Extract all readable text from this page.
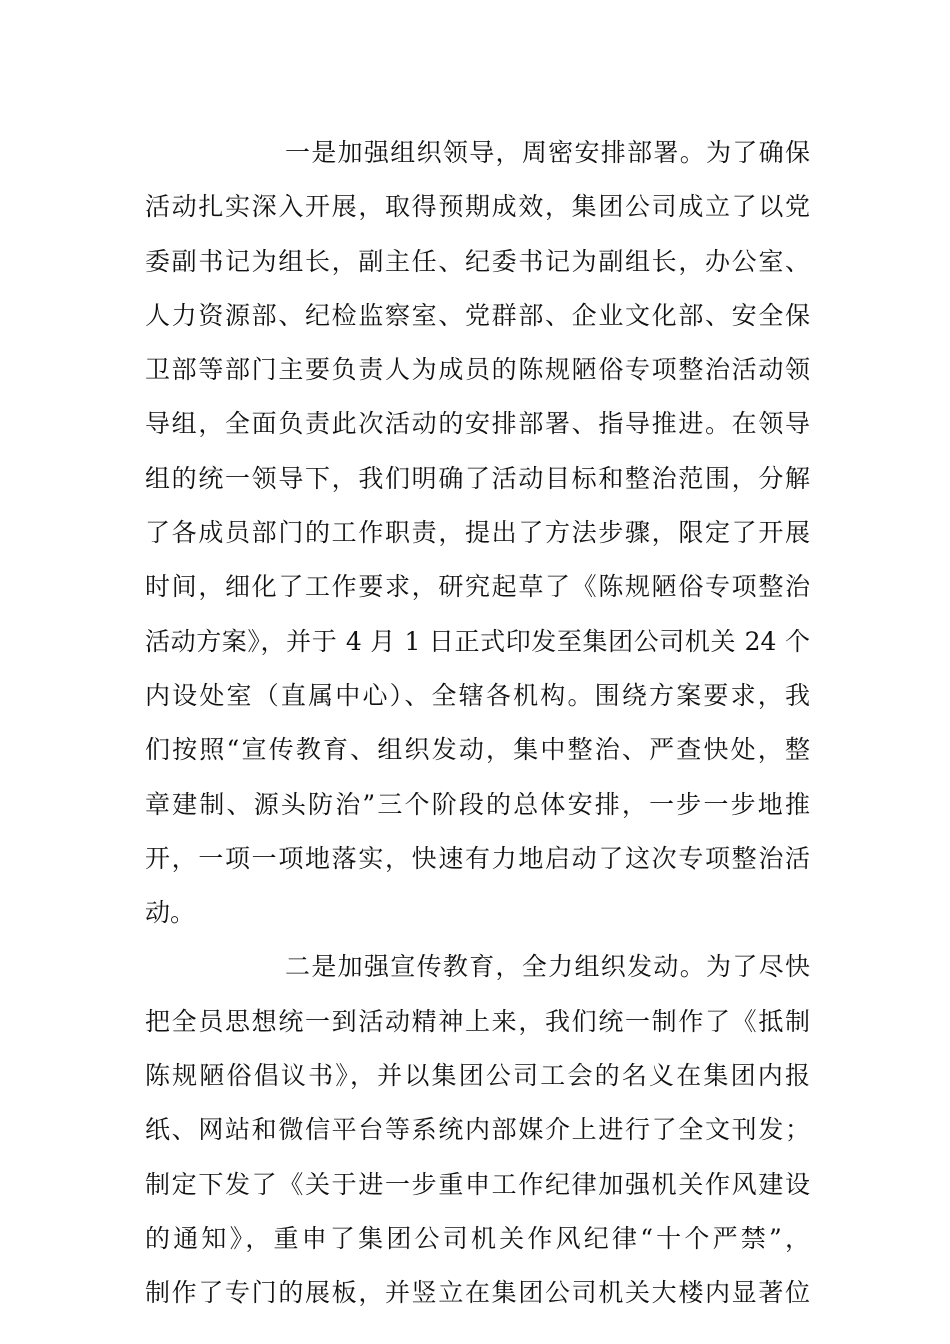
一是加强组织领导，周密安排部署。为了确保
活动扎实深入开展，取得预期成效，集团公司成立了以党
委副书记为组长，副主任、纪委书记为副组长，办公室、
人力资源部、纪检监察室、党群部、企业文化部、安全保
卫部等部门主要负责人为成员的陈规陋俗专项整治活动领
导组，全面负责此次活动的安排部署、指导推进。在领导
组的统一领导下，我们明确了活动目标和整治范围，分解
了各成员部门的工作职责，提出了方法步骤，限定了开展
时间，细化了工作要求，研究起草了《陈规陋俗专项整治
活动方案》，并于 4 月 1 日正式印发至集团公司机关 24 个
内设处室（直属中心）、全辖各机构。围绕方案要求，我
们按照“宣传教育、组织发动，集中整治、严查快处，整
章建制、源头防治”三个阶段的总体安排，一步一步地推
开，一项一项地落实，快速有力地启动了这次专项整治活
动。
二是加强宣传教育，全力组织发动。为了尽快
把全员思想统一到活动精神上来，我们统一制作了《抵制
陈规陋俗倡议书》，并以集团公司工会的名义在集团内报
纸、网站和微信平台等系统内部媒介上进行了全文刊发；
制定下发了《关于进一步重申工作纪律加强机关作风建设
的通知》，重申了集团公司机关作风纪律“十个严禁”，
制作了专门的展板，并竖立在集团公司机关大楼内显著位
